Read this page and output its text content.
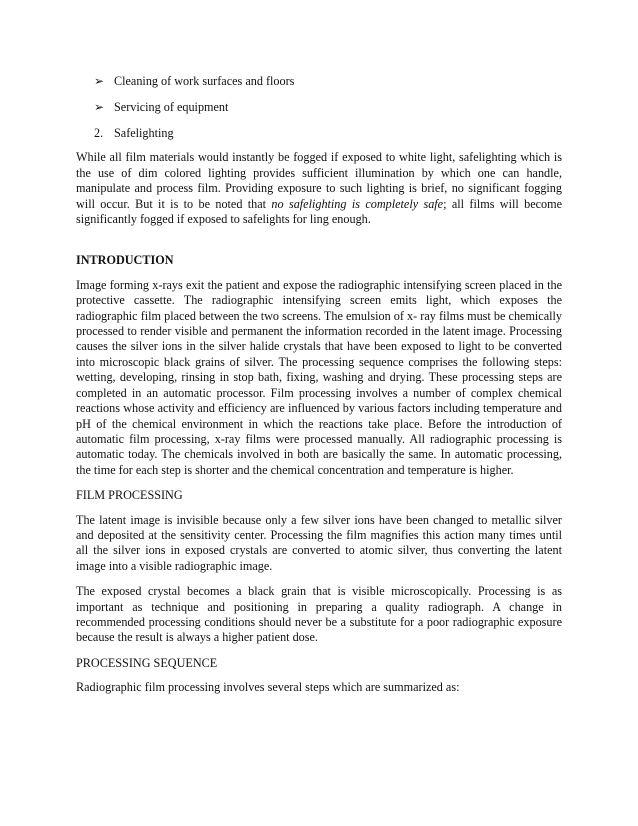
➢ Cleaning of work surfaces and floors
➢ Servicing of equipment
2. Safelighting

While all film materials would instantly be fogged if exposed to white light, safelighting which is the use of dim colored lighting provides sufficient illumination by which one can handle, manipulate and process film. Providing exposure to such lighting is brief, no significant fogging will occur. But it is to be noted that no safelighting is completely safe; all films will become significantly fogged if exposed to safelights for ling enough.

INTRODUCTION

Image forming x-rays exit the patient and expose the radiographic intensifying screen placed in the protective cassette. The radiographic intensifying screen emits light, which exposes the radiographic film placed between the two screens. The emulsion of x- ray films must be chemically processed to render visible and permanent the information recorded in the latent image. Processing causes the silver ions in the silver halide crystals that have been exposed to light to be converted into microscopic black grains of silver. The processing sequence comprises the following steps: wetting, developing, rinsing in stop bath, fixing, washing and drying. These processing steps are completed in an automatic processor. Film processing involves a number of complex chemical reactions whose activity and efficiency are influenced by various factors including temperature and pH of the chemical environment in which the reactions take place. Before the introduction of automatic film processing, x-ray films were processed manually. All radiographic processing is automatic today. The chemicals involved in both are basically the same. In automatic processing, the time for each step is shorter and the chemical concentration and temperature is higher.

FILM PROCESSING

The latent image is invisible because only a few silver ions have been changed to metallic silver and deposited at the sensitivity center. Processing the film magnifies this action many times until all the silver ions in exposed crystals are converted to atomic silver, thus converting the latent image into a visible radiographic image.

The exposed crystal becomes a black grain that is visible microscopically. Processing is as important as technique and positioning in preparing a quality radiograph. A change in recommended processing conditions should never be a substitute for a poor radiographic exposure because the result is always a higher patient dose.

PROCESSING SEQUENCE

Radiographic film processing involves several steps which are summarized as:
